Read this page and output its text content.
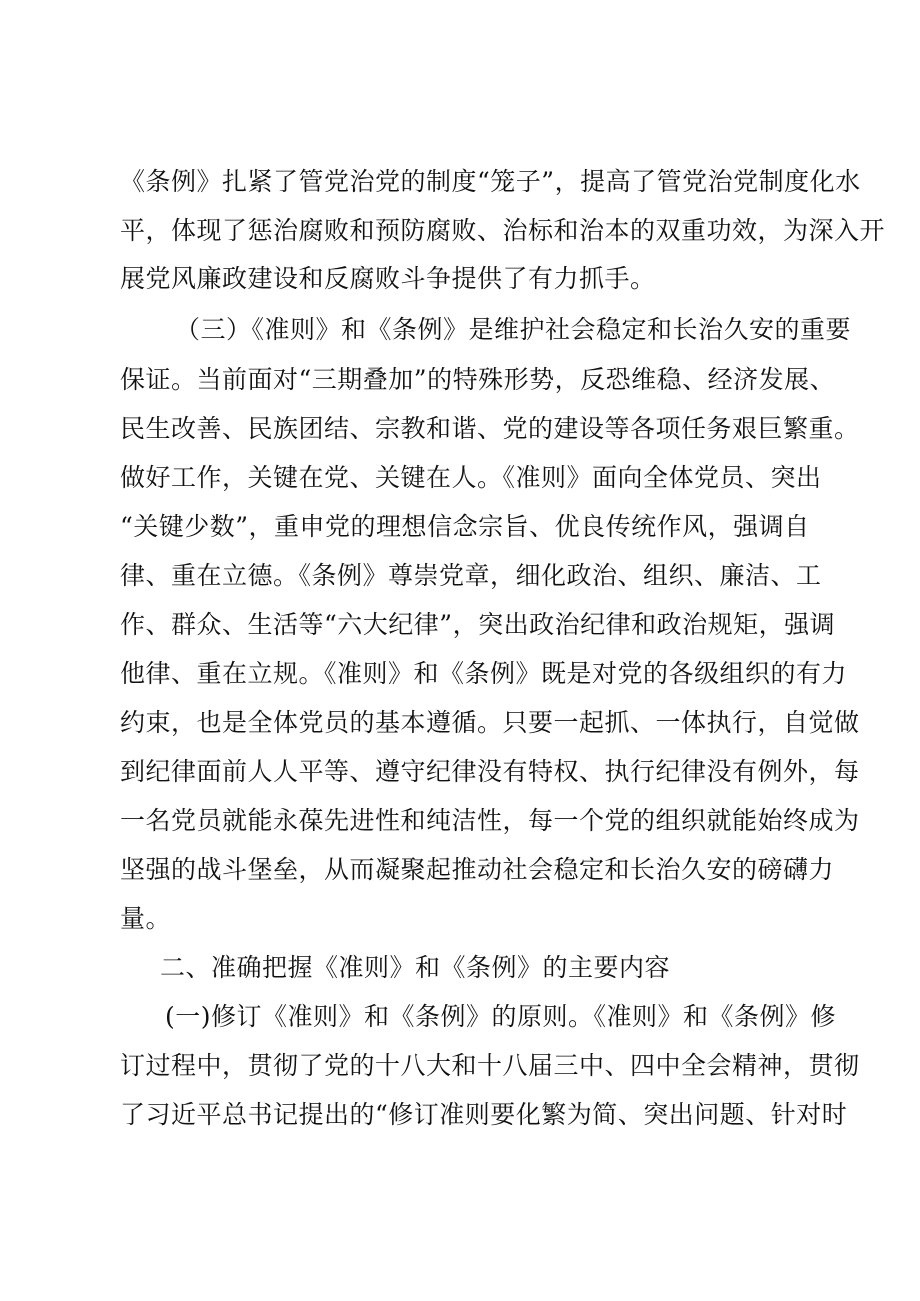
《条例》扎紧了管党治党的制度“笼子”，提高了管党治党制度化水
平，体现了惩治腐败和预防腐败、治标和治本的双重功效，为深入开
展党风廉政建设和反腐败斗争提供了有力抓手。
（三）《准则》和《条例》是维护社会稳定和长治久安的重要
保证。当前面对“三期叠加”的特殊形势，反恐维稳、经济发展、
民生改善、民族团结、宗教和谐、党的建设等各项任务艰巨繁重。
做好工作，关键在党、关键在人。《准则》面向全体党员、突出
“关键少数”，重申党的理想信念宗旨、优良传统作风，强调自
律、重在立德。《条例》尊崇党章，细化政治、组织、廉洁、工
作、群众、生活等“六大纪律”，突出政治纪律和政治规矩，强调
他律、重在立规。《准则》和《条例》既是对党的各级组织的有力
约束，也是全体党员的基本遵循。只要一起抓、一体执行，自觉做
到纪律面前人人平等、遵守纪律没有特权、执行纪律没有例外，每
一名党员就能永葆先进性和纯洁性，每一个党的组织就能始终成为
坚强的战斗堡垒，从而凝聚起推动社会稳定和长治久安的磅礴力
量。
二、准确把握《准则》和《条例》的主要内容
(一)修订《准则》和《条例》的原则。《准则》和《条例》修
订过程中，贯彻了党的十八大和十八届三中、四中全会精神，贯彻
了习近平总书记提出的“修订准则要化繁为简、突出问题、针对时
